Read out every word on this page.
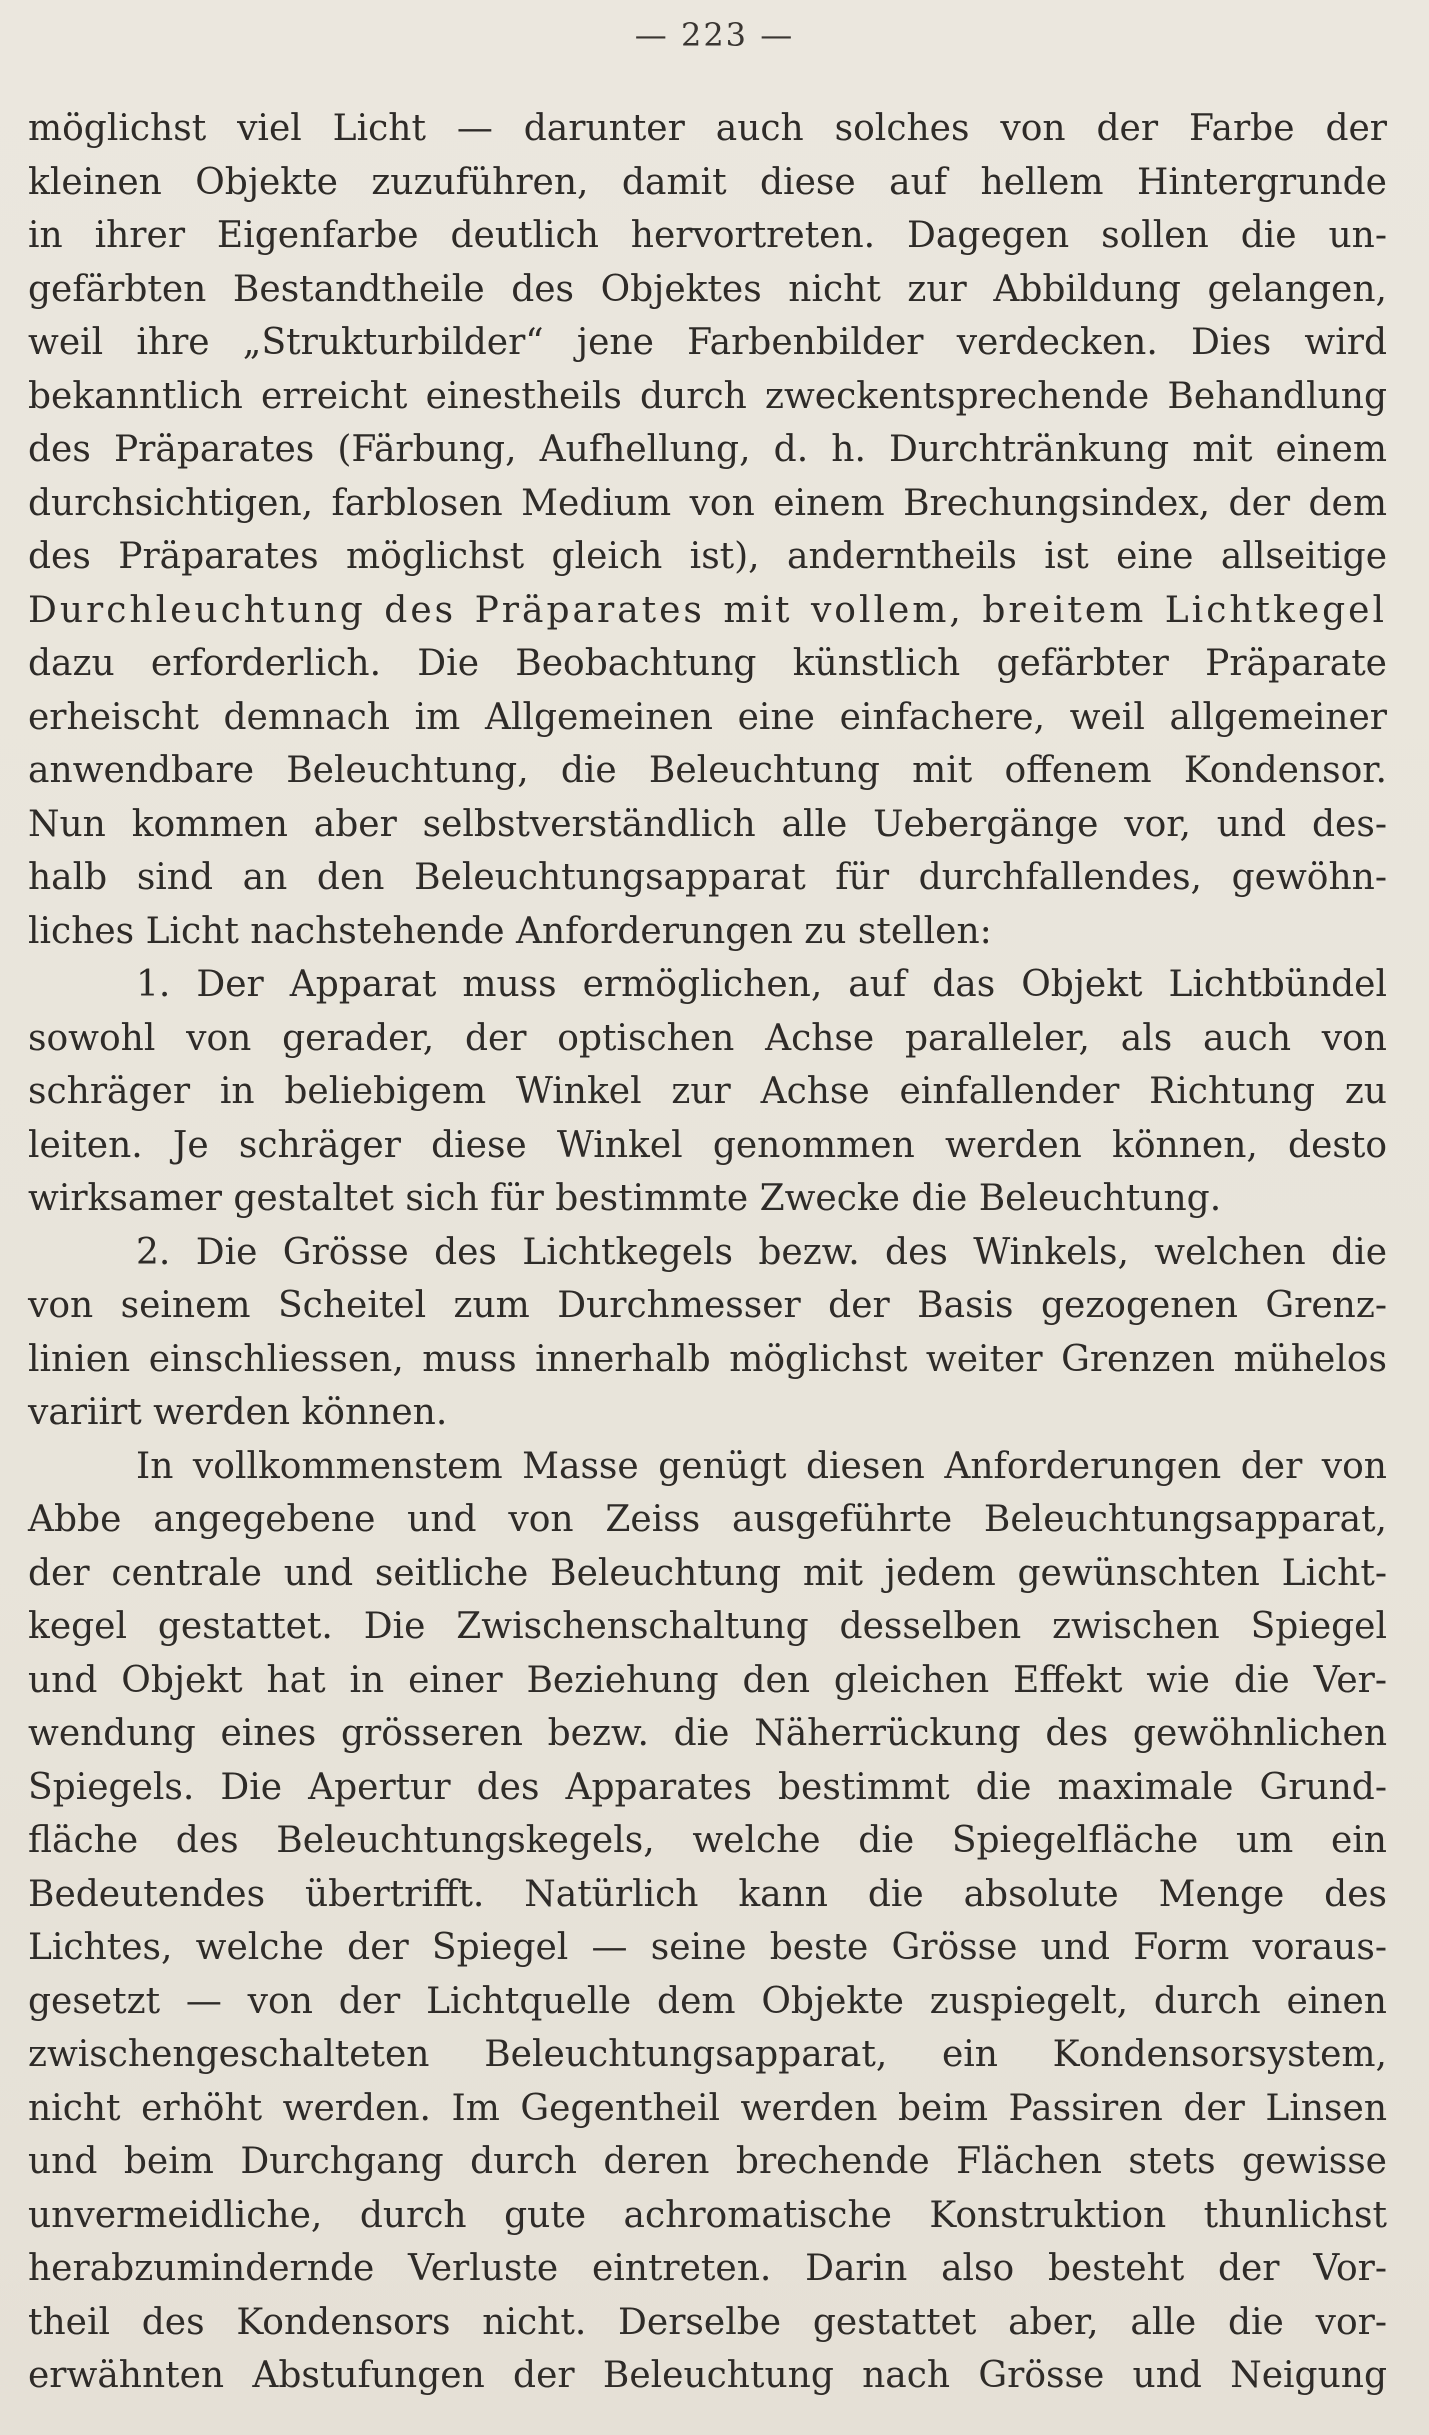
— 223 —
möglichst viel Licht — darunter auch solches von der Farbe der
kleinen Objekte zuzuführen, damit diese auf hellem Hintergrunde
in ihrer Eigenfarbe deutlich hervortreten. Dagegen sollen die un-
gefärbten Bestandtheile des Objektes nicht zur Abbildung gelangen,
weil ihre „Strukturbilder“ jene Farbenbilder verdecken. Dies wird
bekanntlich erreicht einestheils durch zweckentsprechende Behandlung
des Präparates (Färbung, Aufhellung, d. h. Durchtränkung mit einem
durchsichtigen, farblosen Medium von einem Brechungsindex, der dem
des Präparates möglichst gleich ist), anderntheils ist eine allseitige
Durchleuchtung des Präparates mit vollem, breitem Lichtkegel
dazu erforderlich. Die Beobachtung künstlich gefärbter Präparate
erheischt demnach im Allgemeinen eine einfachere, weil allgemeiner
anwendbare Beleuchtung, die Beleuchtung mit offenem Kondensor.
Nun kommen aber selbstverständlich alle Uebergänge vor, und des-
halb sind an den Beleuchtungsapparat für durchfallendes, gewöhn-
liches Licht nachstehende Anforderungen zu stellen:
1. Der Apparat muss ermöglichen, auf das Objekt Lichtbündel
sowohl von gerader, der optischen Achse paralleler, als auch von
schräger in beliebigem Winkel zur Achse einfallender Richtung zu
leiten. Je schräger diese Winkel genommen werden können, desto
wirksamer gestaltet sich für bestimmte Zwecke die Beleuchtung.
2. Die Grösse des Lichtkegels bezw. des Winkels, welchen die
von seinem Scheitel zum Durchmesser der Basis gezogenen Grenz-
linien einschliessen, muss innerhalb möglichst weiter Grenzen mühelos
variirt werden können.
In vollkommenstem Masse genügt diesen Anforderungen der von
Abbe angegebene und von Zeiss ausgeführte Beleuchtungsapparat,
der centrale und seitliche Beleuchtung mit jedem gewünschten Licht-
kegel gestattet. Die Zwischenschaltung desselben zwischen Spiegel
und Objekt hat in einer Beziehung den gleichen Effekt wie die Ver-
wendung eines grösseren bezw. die Näherrückung des gewöhnlichen
Spiegels. Die Apertur des Apparates bestimmt die maximale Grund-
fläche des Beleuchtungskegels, welche die Spiegelfläche um ein
Bedeutendes übertrifft. Natürlich kann die absolute Menge des
Lichtes, welche der Spiegel — seine beste Grösse und Form voraus-
gesetzt — von der Lichtquelle dem Objekte zuspiegelt, durch einen
zwischengeschalteten Beleuchtungsapparat, ein Kondensorsystem,
nicht erhöht werden. Im Gegentheil werden beim Passiren der Linsen
und beim Durchgang durch deren brechende Flächen stets gewisse
unvermeidliche, durch gute achromatische Konstruktion thunlichst
herabzumindernde Verluste eintreten. Darin also besteht der Vor-
theil des Kondensors nicht. Derselbe gestattet aber, alle die vor-
erwähnten Abstufungen der Beleuchtung nach Grösse und Neigung
